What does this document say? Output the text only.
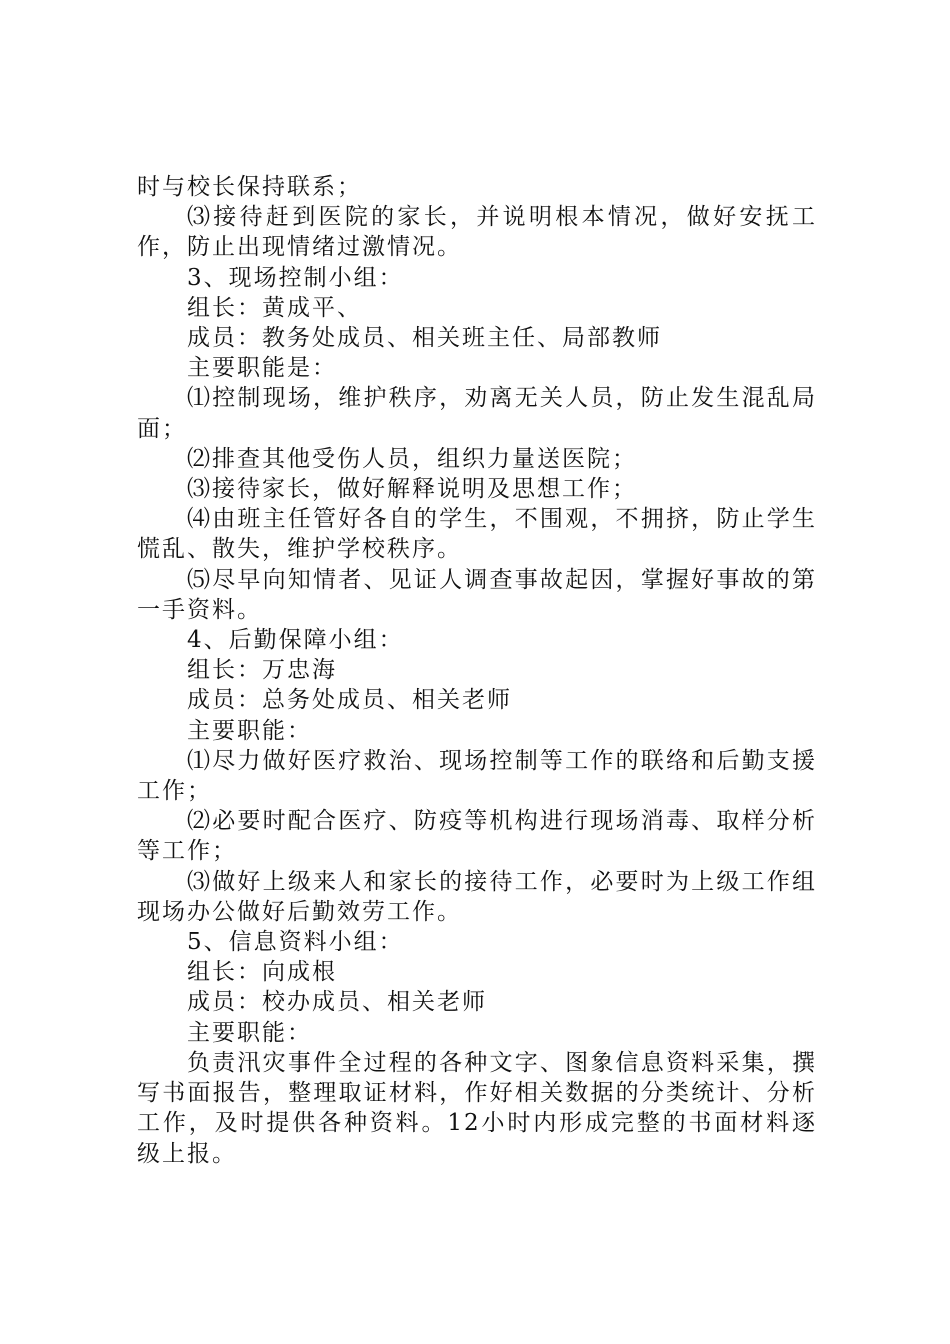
时与校长保持联系；

⑶接待赶到医院的家长，并说明根本情况，做好安抚工作，防止出现情绪过激情况。

3、现场控制小组：

组长：黄成平、

成员：教务处成员、相关班主任、局部教师

主要职能是：

⑴控制现场，维护秩序，劝离无关人员，防止发生混乱局面；

⑵排查其他受伤人员，组织力量送医院；

⑶接待家长，做好解释说明及思想工作；

⑷由班主任管好各自的学生，不围观，不拥挤，防止学生慌乱、散失，维护学校秩序。

⑸尽早向知情者、见证人调查事故起因，掌握好事故的第一手资料。

4、后勤保障小组：

组长：万忠海

成员：总务处成员、相关老师

主要职能：

⑴尽力做好医疗救治、现场控制等工作的联络和后勤支援工作；

⑵必要时配合医疗、防疫等机构进行现场消毒、取样分析等工作；

⑶做好上级来人和家长的接待工作，必要时为上级工作组现场办公做好后勤效劳工作。

5、信息资料小组：

组长：向成根

成员：校办成员、相关老师

主要职能：

负责汛灾事件全过程的各种文字、图象信息资料采集，撰写书面报告，整理取证材料，作好相关数据的分类统计、分析工作，及时提供各种资料。12小时内形成完整的书面材料逐级上报。
